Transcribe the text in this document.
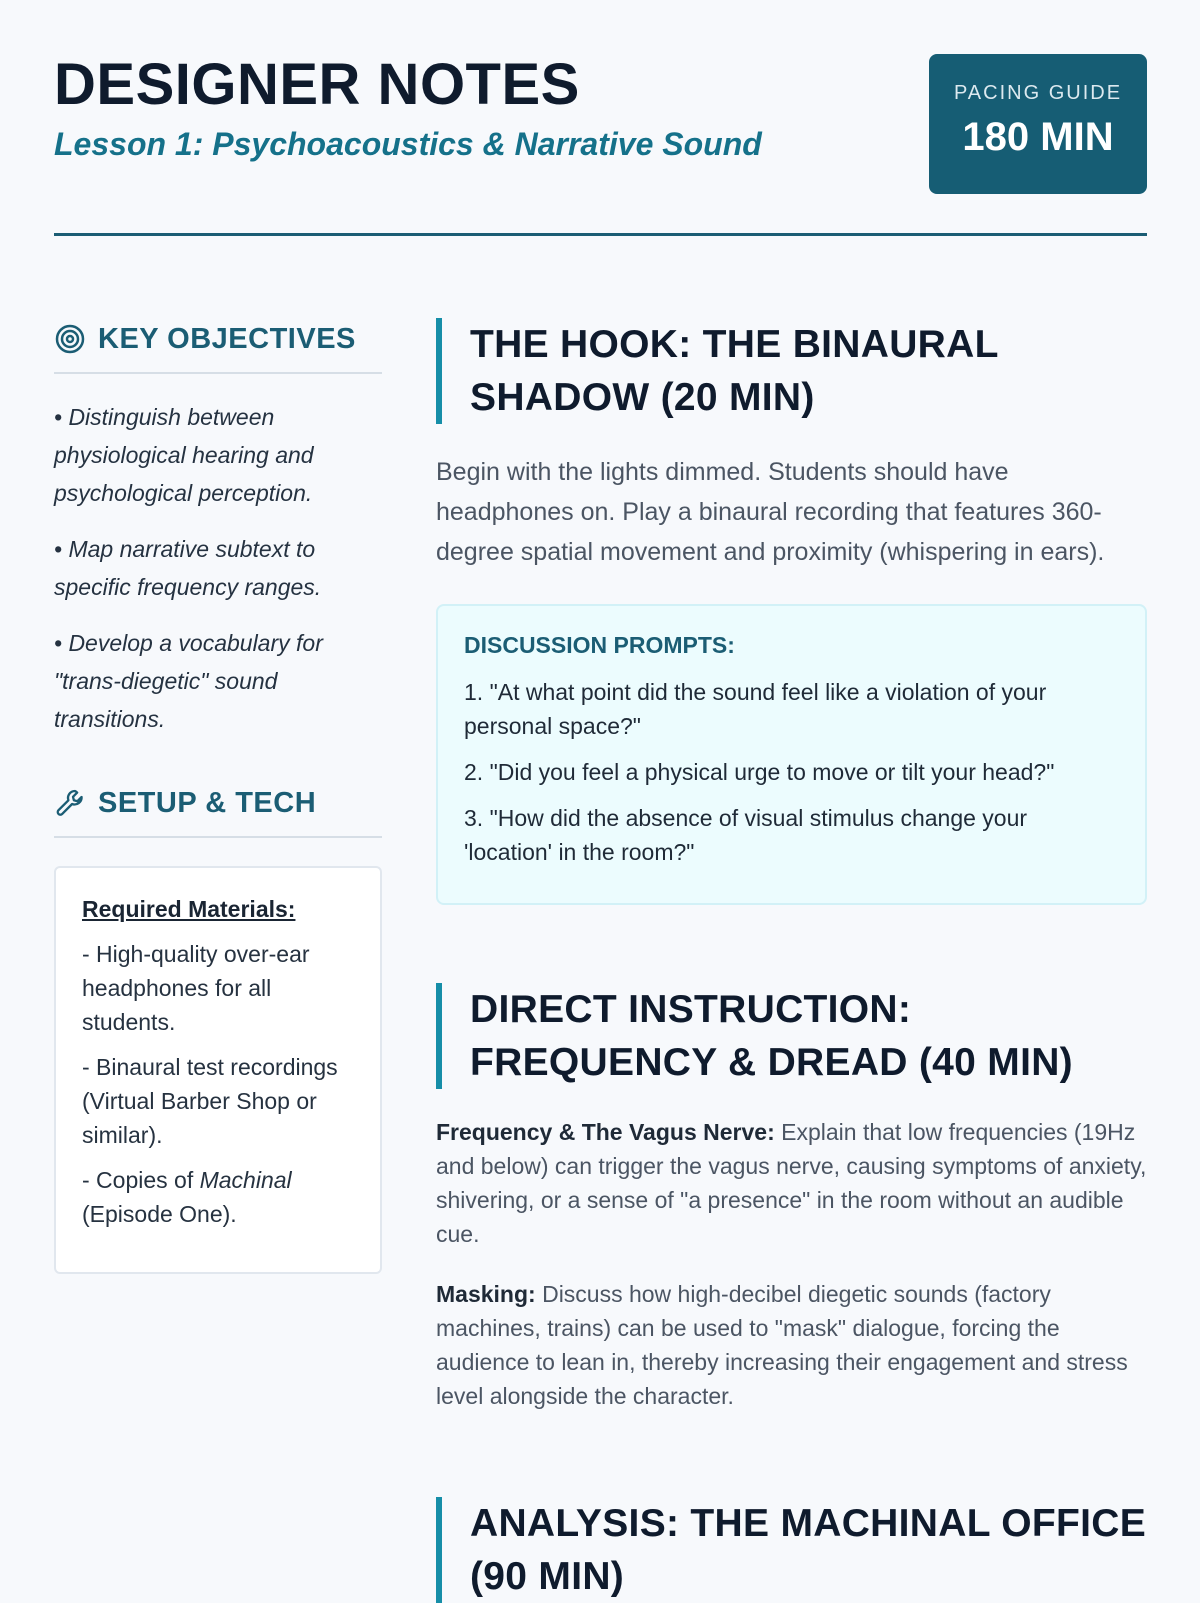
DESIGNER NOTES
Lesson 1: Psychoacoustics & Narrative Sound
PACING GUIDE
180 MIN
KEY OBJECTIVES
• Distinguish between physiological hearing and psychological perception.
• Map narrative subtext to specific frequency ranges.
• Develop a vocabulary for "trans-diegetic" sound transitions.
SETUP & TECH
Required Materials:
- High-quality over-ear headphones for all students.
- Binaural test recordings (Virtual Barber Shop or similar).
- Copies of Machinal (Episode One).
THE HOOK: THE BINAURAL SHADOW (20 MIN)
Begin with the lights dimmed. Students should have headphones on. Play a binaural recording that features 360-degree spatial movement and proximity (whispering in ears).
DISCUSSION PROMPTS:
1. "At what point did the sound feel like a violation of your personal space?"
2. "Did you feel a physical urge to move or tilt your head?"
3. "How did the absence of visual stimulus change your 'location' in the room?"
DIRECT INSTRUCTION: FREQUENCY & DREAD (40 MIN)
Frequency & The Vagus Nerve: Explain that low frequencies (19Hz and below) can trigger the vagus nerve, causing symptoms of anxiety, shivering, or a sense of "a presence" in the room without an audible cue.
Masking: Discuss how high-decibel diegetic sounds (factory machines, trains) can be used to "mask" dialogue, forcing the audience to lean in, thereby increasing their engagement and stress level alongside the character.
ANALYSIS: THE MACHINAL OFFICE (90 MIN)
